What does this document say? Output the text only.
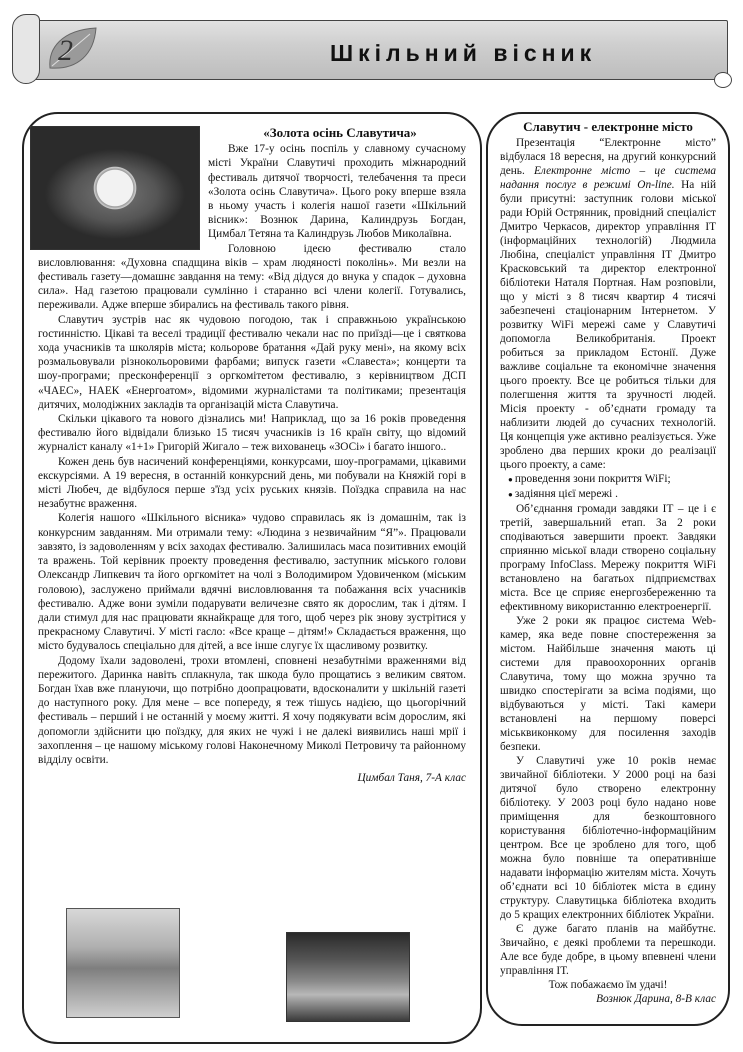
2	Шкільний вісник
«Золота осінь Славутича»

Вже 17-у осінь поспіль у славному сучасному місті України Славутичі проходить міжнародний фестиваль дитячої творчості, телебачення та преси «Золота осінь Славутича». Цього року вперше взяла в ньому участь і колегія нашої газети «Шкільний вісник»: Вознюк Дарина, Калиндрузь Богдан, Цимбал Тетяна та Калиндрузь Любов Миколаївна.

Головною ідеєю фестивалю стало висловлювання: «Духовна спадщина віків – храм людяності поколінь». Ми везли на фестиваль газету—домашнє завдання на тему: «Від дідуся до внука у спадок – духовна сила». Над газетою працювали сумлінно і старанно всі члени колегії. Готувались, переживали. Адже вперше збирались на фестиваль такого рівня.

Славутич зустрів нас як чудовою погодою, так і справжньою українською гостинністю. Цікаві та веселі традиції фестивалю чекали нас по приїзді—це і святкова хода учасників та школярів міста; кольорове братання «Дай руку мені», на якому всіх розмальовували різнокольоровими фарбами; випуск газети «Славеста»; концерти та шоу-програми; пресконференції з оргкомітетом фестивалю, з керівництвом ДСП «ЧАЕС», НАЕК «Енергоатом», відомими журналістами та політиками; презентація дитячих, молодіжних закладів та організацій міста Славутича.

Скільки цікавого та нового дізнались ми! Наприклад, що за 16 років проведення фестивалю його відвідали близько 15 тисяч учасників із 16 країн світу, що відомий журналіст каналу «1+1» Григорій Жигало – теж вихованець «ЗОСі» і багато іншого..

Кожен день був насичений конференціями, конкурсами, шоу-програмами, цікавими екскурсіями. А 19 вересня, в останній конкурсний день, ми побували на Княжій горі в місті Любеч, де відбулося перше з'їзд усіх руських князів. Поїздка справила на нас незабутнє враження.

Колегія нашого «Шкільного вісника» чудово справилась як із домашнім, так із конкурсним завданням. Ми отримали тему: «Людина з незвичайним “Я”». Працювали завзято, із задоволенням у всіх заходах фестивалю. Залишилась маса позитивних емоцій та вражень. Той керівник проекту проведення фестивалю, заступник міського голови Олександр Липкевич та його оргкомітет на чолі з Володимиром Удовиченком (міським головою), заслужено приймали вдячні висловлювання та побажання всіх учасників фестивалю. Адже вони зуміли подарувати величезне свято як дорослим, так і дітям. І дали стимул для нас працювати якнайкраще для того, щоб через рік знову зустрітися у прекрасному Славутичі. У місті гасло: «Все краще – дітям!» Складається враження, що місто будувалось спеціально для дітей, а все інше слугує їх щасливому розвитку.

Додому їхали задоволені, трохи втомлені, сповнені незабутніми враженнями від пережитого. Даринка навіть сплакнула, так шкода було прощатись з великим святом. Богдан їхав вже плануючи, що потрібно доопрацювати, вдосконалити у шкільній газеті до наступного року. Для мене – все попереду, я теж тішусь надією, що цьогорічний фестиваль – перший і не останній у моєму житті. Я хочу подякувати всім дорослим, які допомогли здійснити цю поїздку, для яких не чужі і не далекі виявились наші мрії і захоплення – це нашому міському голові Наконечному Миколі Петровичу та районному відділу освіти.

Цимбал Таня, 7-А клас
Славутич - електронне місто

Презентація “Електронне місто” відбулася 18 вересня, на другий конкурсний день. Електронне місто – це система надання послуг в режимі On-line. На ній були присутні: заступник голови міської ради Юрій Острянник, провідний спеціаліст Дмитро Черкасов, директор управління ІТ (інформаційних технологій) Людмила Любіна, спеціаліст управління ІТ Дмитро Красковський та директор електронної бібліотеки Наталя Портная. Нам розповіли, що у місті з 8 тисяч квартир 4 тисячі забезпечені стаціонарним Інтернетом. У розвитку WiFi мережі саме у Славутичі допомогла Великобританія. Проект робиться за прикладом Естонії. Дуже важливе соціальне та економічне значення цього проекту. Все це робиться тільки для полегшення життя та зручності людей. Місія проекту - об’єднати громаду та наблизити людей до сучасних технологій. Ця концепція уже активно реалізується. Уже зроблено два перших кроки до реалізації цього проекту, а саме:

● проведення зони покриття WiFi;
● задіяння цієї мережі .

Об’єднання громади завдяки ІТ – це і є третій, завершальний етап. За 2 роки сподіваються завершити проект. Завдяки сприянню міської влади створено соціальну програму InfoClass. Мережу покриття WiFi встановлено на багатьох підприємствах міста. Все це сприяє енергозбереженню та ефективному використанню електроенергії.

Уже 2 роки як працює система Web-камер, яка веде повне спостереження за містом. Найбільше значення мають ці системи для правоохоронних органів Славутича, тому що можна зручно та швидко спостерігати за всіма подіями, що відбуваються у місті. Такі камери встановлені на першому поверсі міськвиконкому для посилення заходів безпеки.

У Славутичі уже 10 років немає звичайної бібліотеки. У 2000 році на базі дитячої було створено електронну бібліотеку. У 2003 році було надано нове приміщення для безкоштовного користування бібліотечно-інформаційним центром. Все це зроблено для того, щоб можна було повніше та оперативніше надавати інформацію жителям міста. Хочуть об’єднати всі 10 бібліотек міста в єдину структуру. Славутицька бібліотека входить до 5 кращих електронних бібліотек України.

Є дуже багато планів на майбутнє. Звичайно, є деякі проблеми та перешкоди. Але все буде добре, в цьому впевнені члени управління ІТ.

Тож побажаємо їм удачі!

Вознюк Дарина, 8-В клас
